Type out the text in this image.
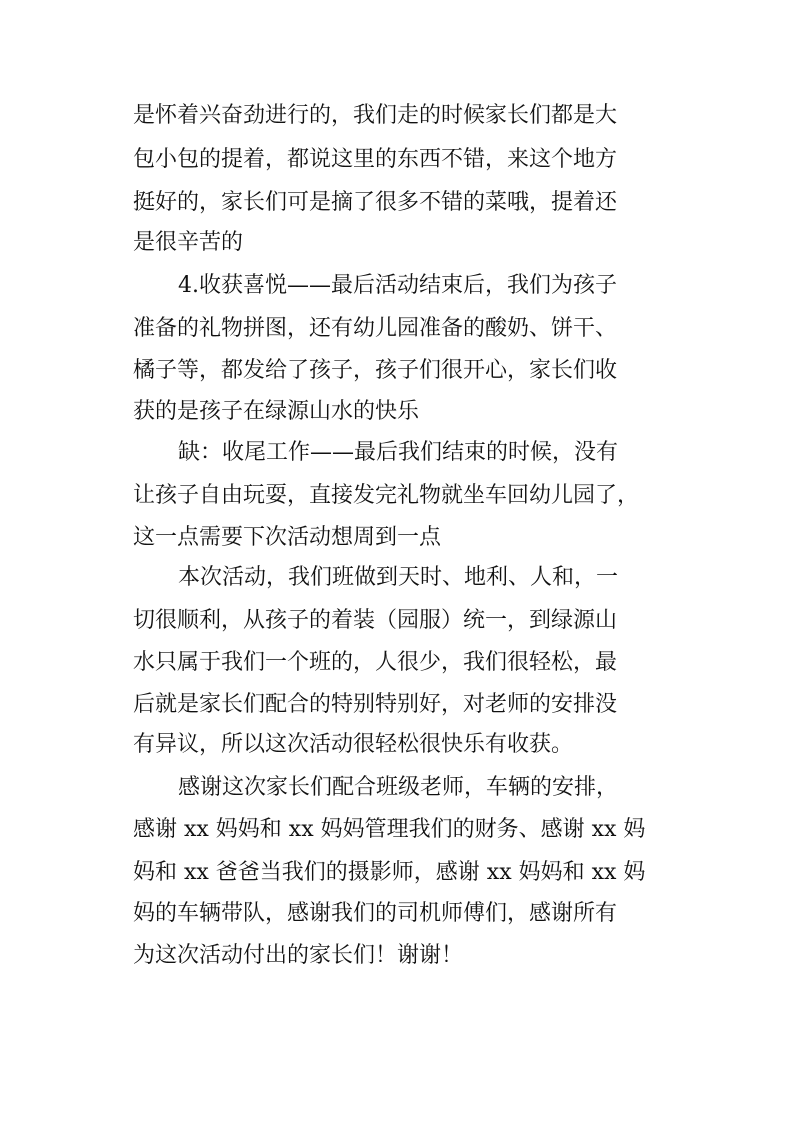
是怀着兴奋劲进行的，我们走的时候家长们都是大
包小包的提着，都说这里的东西不错，来这个地方
挺好的，家长们可是摘了很多不错的菜哦，提着还
是很辛苦的
4.收获喜悦——最后活动结束后，我们为孩子
准备的礼物拼图，还有幼儿园准备的酸奶、饼干、
橘子等，都发给了孩子，孩子们很开心，家长们收
获的是孩子在绿源山水的快乐
缺：收尾工作——最后我们结束的时候，没有
让孩子自由玩耍，直接发完礼物就坐车回幼儿园了，
这一点需要下次活动想周到一点
本次活动，我们班做到天时、地利、人和，一
切很顺利，从孩子的着装（园服）统一，到绿源山
水只属于我们一个班的，人很少，我们很轻松，最
后就是家长们配合的特别特别好，对老师的安排没
有异议，所以这次活动很轻松很快乐有收获。
感谢这次家长们配合班级老师，车辆的安排，
感谢 xx 妈妈和 xx 妈妈管理我们的财务、感谢 xx 妈
妈和 xx 爸爸当我们的摄影师，感谢 xx 妈妈和 xx 妈
妈的车辆带队，感谢我们的司机师傅们，感谢所有
为这次活动付出的家长们！谢谢！
